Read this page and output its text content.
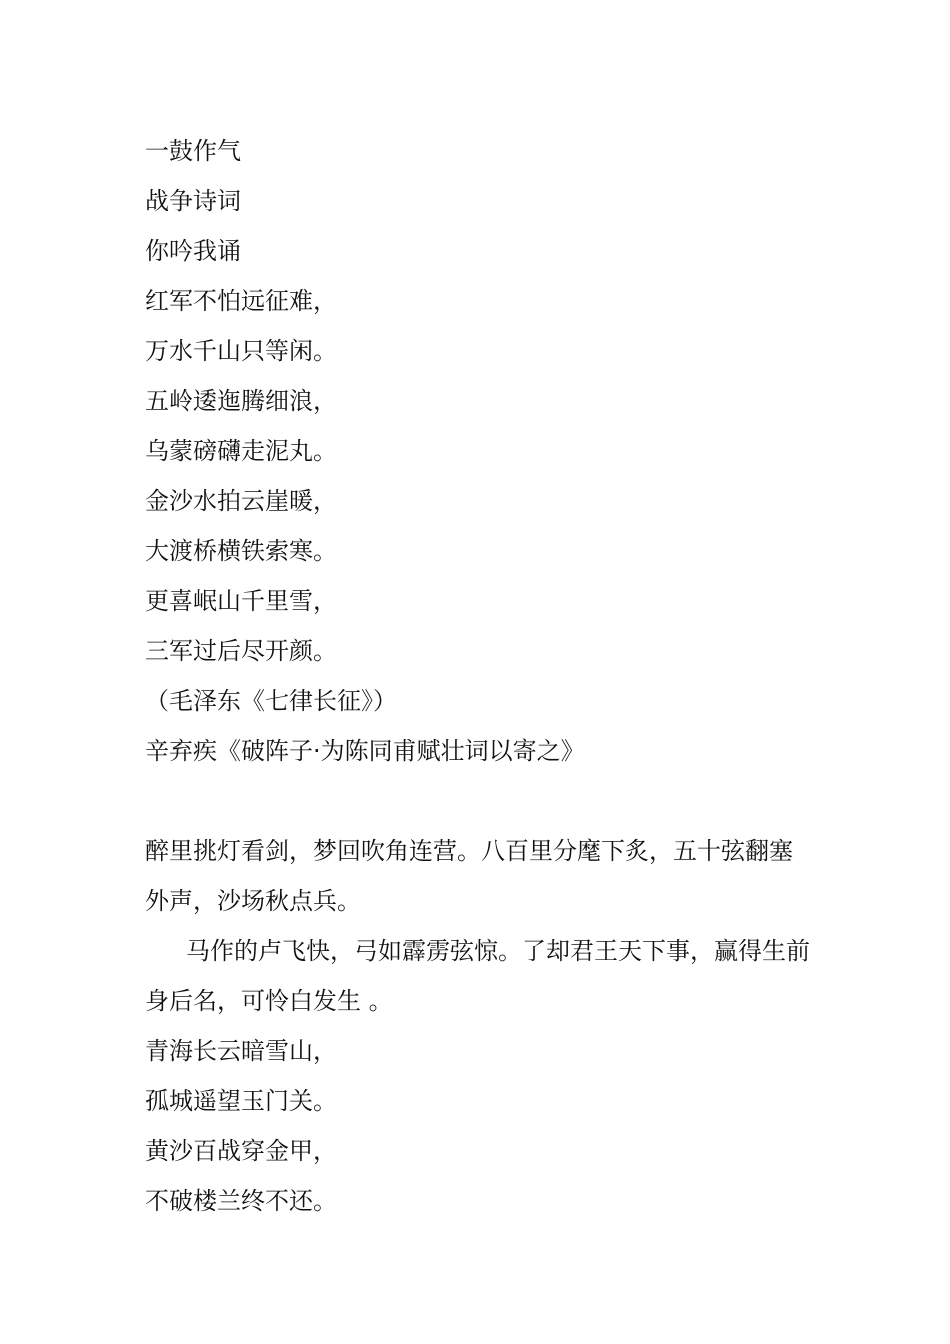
一鼓作气
战争诗词
你吟我诵
红军不怕远征难，
万水千山只等闲。
五岭逶迤腾细浪，
乌蒙磅礴走泥丸。
金沙水拍云崖暖，
大渡桥横铁索寒。
更喜岷山千里雪，
三军过后尽开颜。
（毛泽东《七律长征》）
辛弃疾《破阵子·为陈同甫赋壮词以寄之》
醉里挑灯看剑，梦回吹角连营。八百里分麾下炙，五十弦翻塞外声，沙场秋点兵。
马作的卢飞快，弓如霹雳弦惊。了却君王天下事，赢得生前身后名，可怜白发生 。
青海长云暗雪山，
孤城遥望玉门关。
黄沙百战穿金甲，
不破楼兰终不还。
